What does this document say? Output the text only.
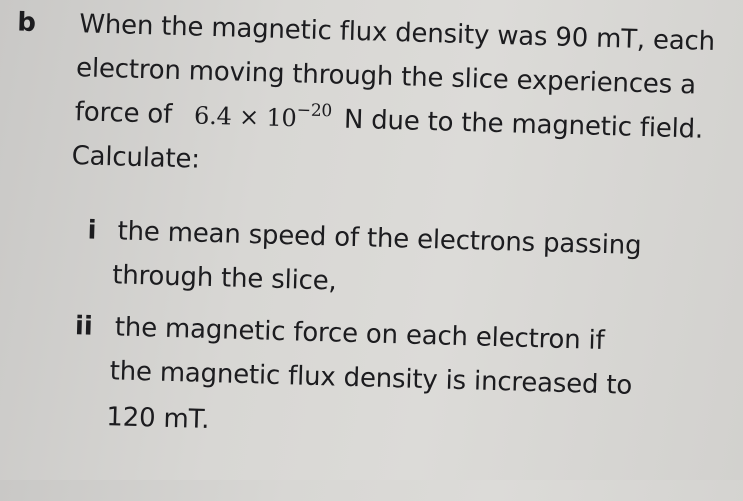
b When the magnetic flux density was 90 mT, each
electron moving through the slice experiences a
force of $6.4 \times 10^{-20}$ N due to the magnetic field.
Calculate:
i the mean speed of the electrons passing
through the slice,
ii the magnetic force on each electron if
the magnetic flux density is increased to
120 mT.
